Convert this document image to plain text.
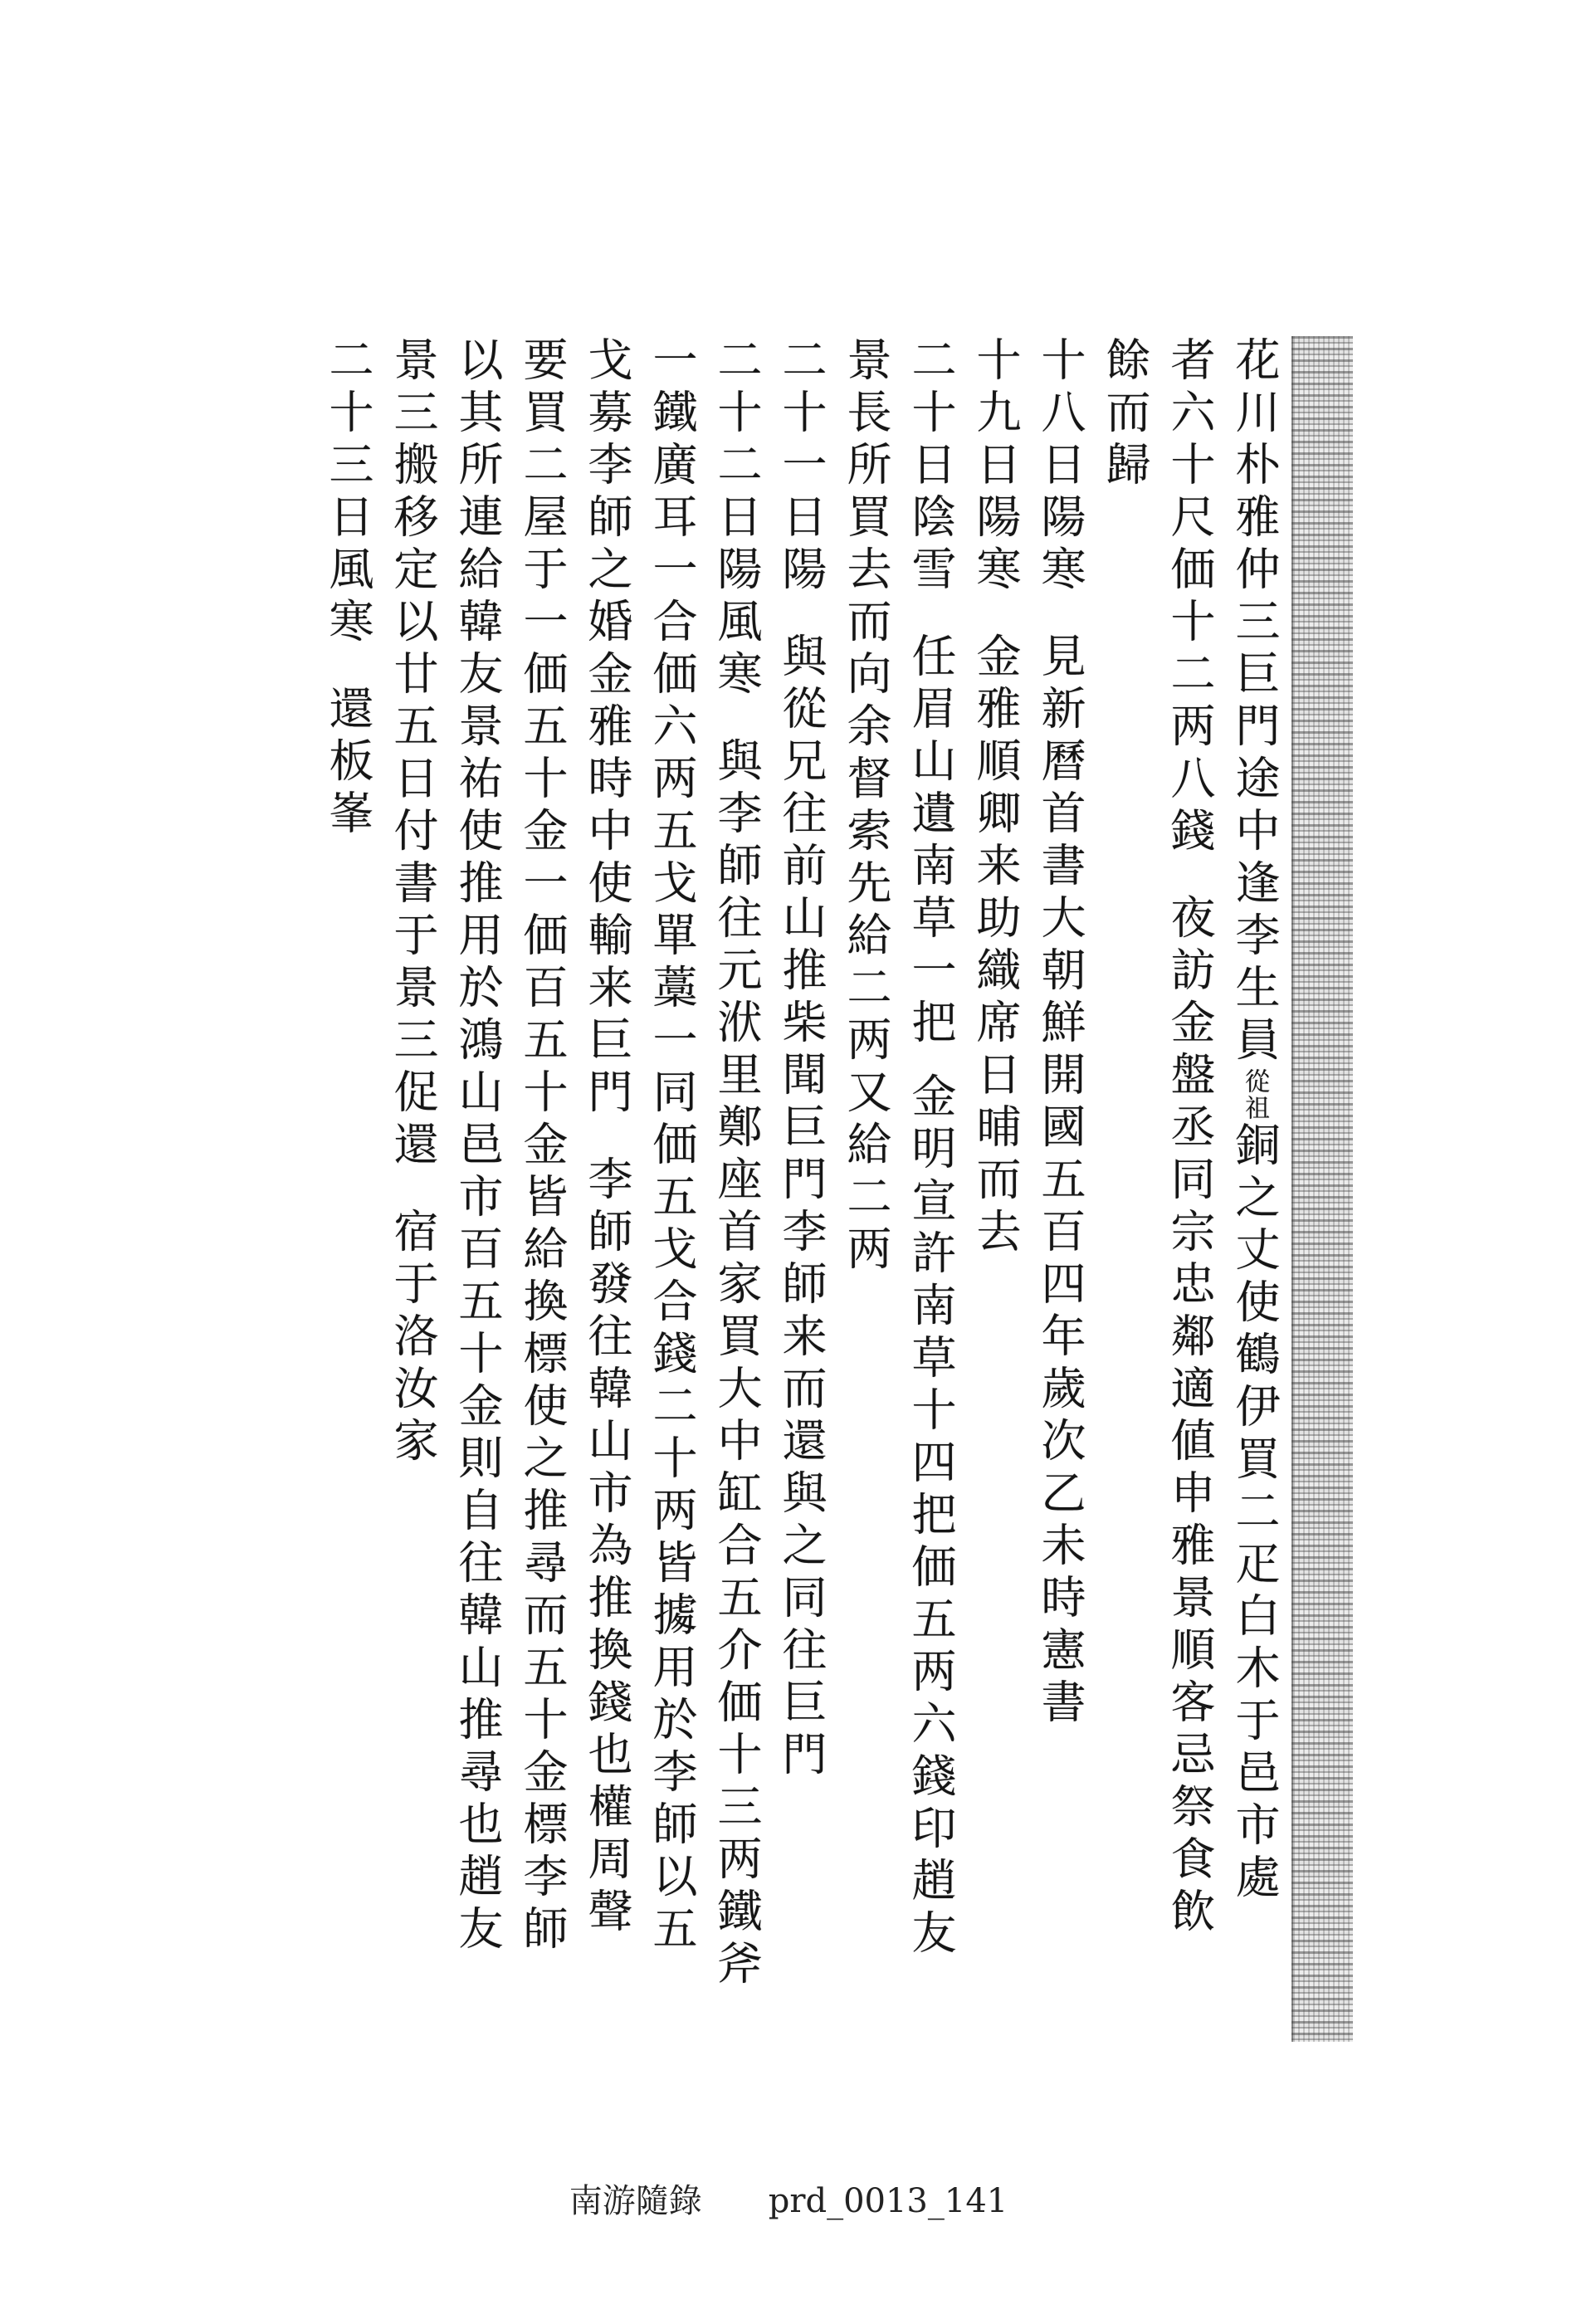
花川朴雅仲三巨門途中逢李生員從祖銅之丈使鶴伊買二疋白木于邑市處
者六十尺価十二两八錢夜訪金盤丞同宗忠鄰適値申雅景順客忌祭食飲
餘而歸
十八日陽寒見新曆首書大朝鮮開國五百四年歲次乙未時憲書
十九日陽寒金雅順卿来助織席日晡而去
二十日陰雪任眉山遺南草一把 金明宣許南草十四把価五两六錢印趙友
景長所買去而向余督索先給二两又給二两
二十一日陽與從兄往前山推柴聞巨門李師来而還與之同往巨門
二十二日陽風寒與李師往元洑里鄭座首家買大中缸合五介価十三两鐵斧
一鐵廣耳一合価六两五戈單藁一同価五戈合錢二十两皆㩀用於李師以五
戈募李師之婚金雅時中使輸来巨門李師發往韓山市為推換錢也權周聲
要買二屋于一価五十金一価百五十金皆給換標使之推尋而五十金標李師
以其所連給韓友景祐使推用於鴻山邑市百五十金則自往韓山推尋也趙友
景三搬移定以廿五日付書于景三促還宿于洛汝家
二十三日風寒還板峯
南游隨錄 prd_0013_141
